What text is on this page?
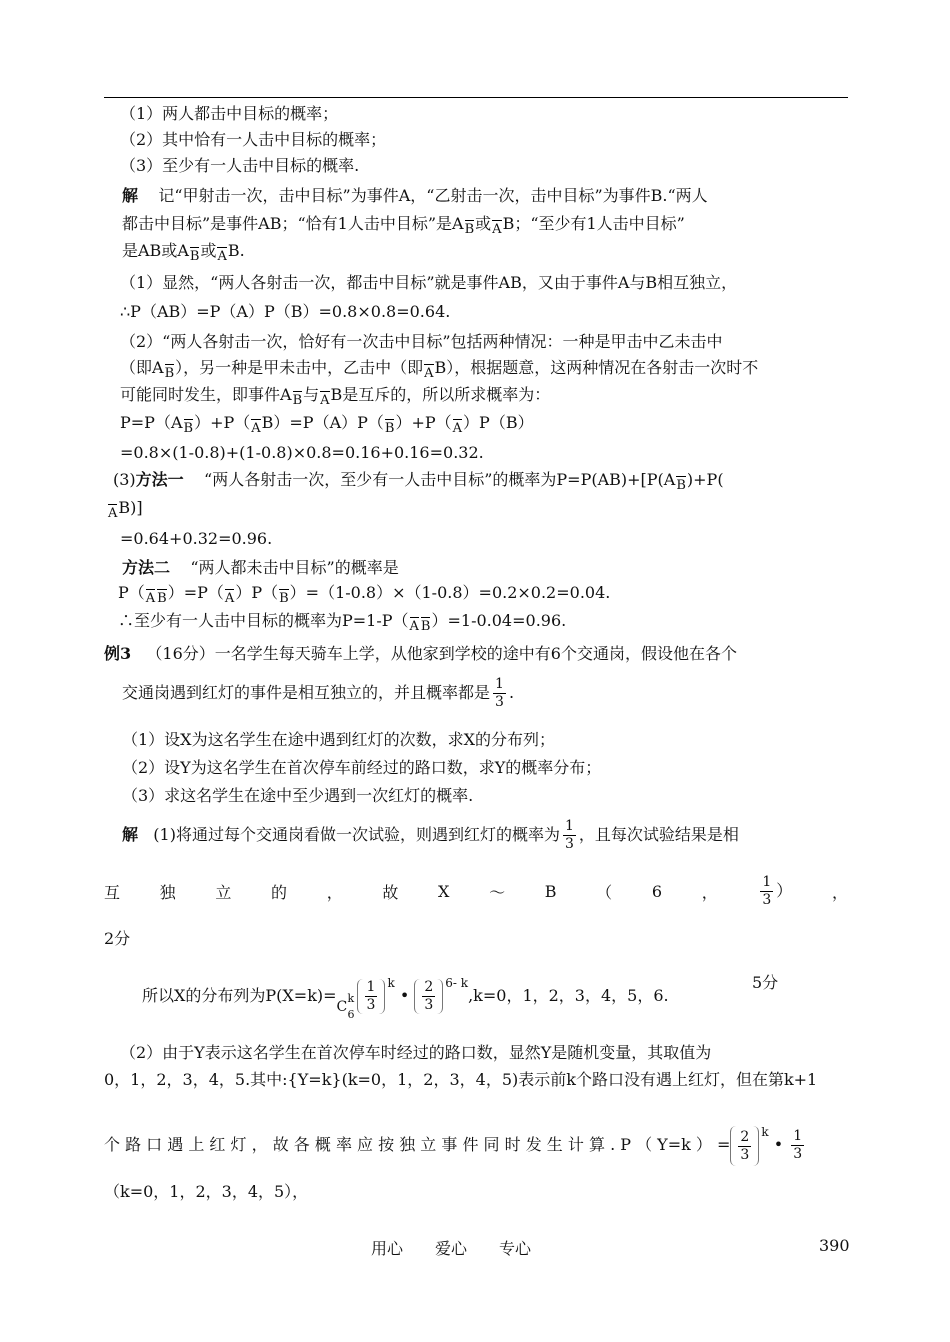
（1）两人都击中目标的概率；
（2）其中恰有一人击中目标的概率；
（3）至少有一人击中目标的概率.
解 记“甲射击一次，击中目标”为事件A，“乙射击一次，击中目标”为事件B.“两人
都击中目标”是事件AB；“恰有1人击中目标”是AB或AB；“至少有1人击中目标”
是AB或AB或AB.
（1）显然，“两人各射击一次，都击中目标”就是事件AB，又由于事件A与B相互独立，
∴P（AB）=P（A）P（B）=0.8×0.8=0.64.
（2）“两人各射击一次，恰好有一次击中目标”包括两种情况：一种是甲击中乙未击中
（即AB），另一种是甲未击中，乙击中（即AB），根据题意，这两种情况在各射击一次时不
可能同时发生，即事件AB与AB是互斥的，所以所求概率为：
P=P（AB）+P（AB）=P（A）P（B）+P（A）P（B）
=0.8×(1-0.8)+(1-0.8)×0.8=0.16+0.16=0.32.
(3)方法一 “两人各射击一次，至少有一人击中目标”的概率为P=P(AB)+[P(AB)+P(
AB)]
=0.64+0.32=0.96.
方法二 “两人都未击中目标”的概率是
P（A B）=P（A）P（B）=（1-0.8）×（1-0.8）=0.2×0.2=0.04.
∴至少有一人击中目标的概率为P=1-P（A B）=1-0.04=0.96.
例3 （16分）一名学生每天骑车上学，从他家到学校的途中有6个交通岗，假设他在各个
交通岗遇到红灯的事件是相互独立的，并且概率都是 $\frac{1}{3}$ .
（1）设X为这名学生在途中遇到红灯的次数，求X的分布列；
（2）设Y为这名学生在首次停车前经过的路口数，求Y的概率分布；
（3）求这名学生在途中至少遇到一次红灯的概率.
解 (1)将通过每个交通岗看做一次试验，则遇到红灯的概率为 $\frac{1}{3}$ ，且每次试验结果是相
互 独 立 的 ， 故 X ～ B （ 6 ，	$\frac{1}{3}$ ） ，
2分
所以X的分布列为P(X=k)=
C
k
$6 \frac{1}{3} ^k$ • $\frac{2}{3} ^{6- k},k=0$，1，2，3，4，5，6.
5分
（2）由于Y表示这名学生在首次停车时经过的路口数，显然Y是随机变量，其取值为
0，1，2，3，4，5.其中:{Y=k}(k=0，1，2，3，4，5)表示前k个路口没有遇上红灯，但在第k+1
个 路 口 遇 上 红 灯 ， 故 各 概 率 应 按 独 立 事 件 同 时 发 生 计 算 . P （ Y=k ） = $\frac{2}{3} ^k$ • $\frac{1}{3}$
（k=0，1，2，3，4，5），
用心　　爱心　　专心	390
